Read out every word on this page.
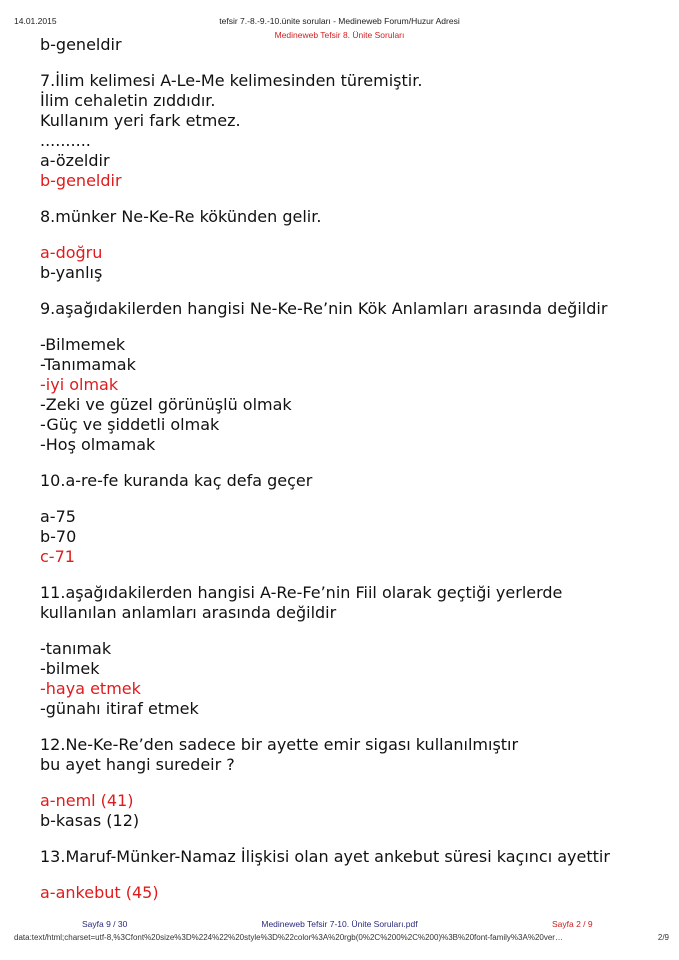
14.01.2015	tefsir 7.-8.-9.-10.ünite soruları - Medineweb Forum/Huzur Adresi
Medineweb Tefsir 8. Ünite Soruları
b-geneldir
7.İlim kelimesi A-Le-Me kelimesinden türemiştir.
İlim cehaletin zıddıdır.
Kullanım yeri fark etmez.
..........
a-özeldir
b-geneldir
8.münker Ne-Ke-Re kökünden gelir.
a-doğru
b-yanlış
9.aşağıdakilerden hangisi Ne-Ke-Re’nin Kök Anlamları arasında değildir
-Bilmemek
-Tanımamak
-iyi olmak
-Zeki ve güzel görünüşlü olmak
-Güç ve şiddetli olmak
-Hoş olmamak
10.a-re-fe kuranda kaç defa geçer
a-75
b-70
c-71
11.aşağıdakilerden hangisi A-Re-Fe’nin Fiil olarak geçtiği yerlerde
kullanılan anlamları arasında değildir
-tanımak
-bilmek
-haya etmek
-günahı itiraf etmek
12.Ne-Ke-Re’den sadece bir ayette emir sigası kullanılmıştır
bu ayet hangi suredeir ?
a-neml (41)
b-kasas (12)
13.Maruf-Münker-Namaz İlişkisi olan ayet ankebut süresi kaçıncı ayettir
a-ankebut (45)
Sayfa 9 / 30	Medineweb Tefsir 7-10. Ünite Soruları.pdf	Sayfa 2 / 9
data:text/html;charset=utf-8,%3Cfont%20size%3D%224%22%20style%3D%22color%3A%20rgb(0%2C%200%2C%200)%3B%20font-family%3A%20ver…	2/9
